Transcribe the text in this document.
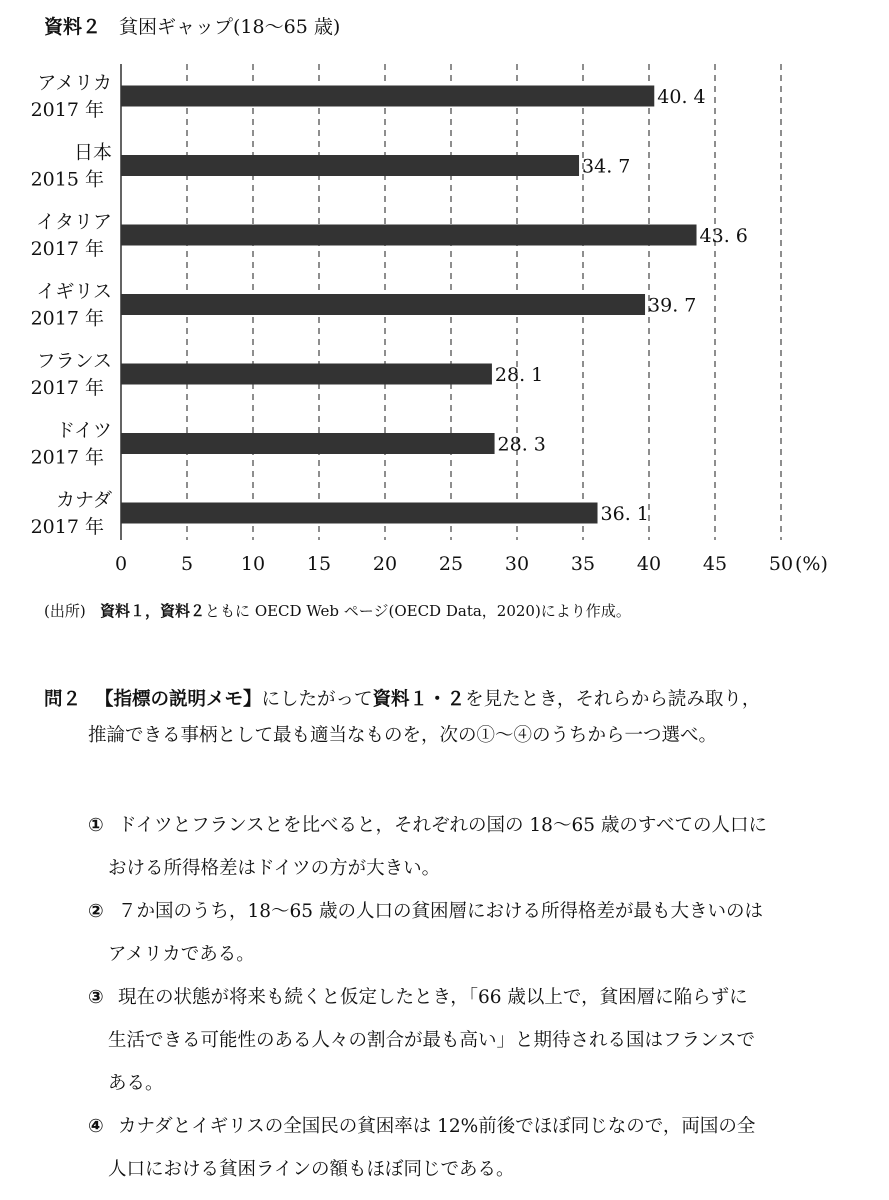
資料２ 貧困ギャップ(18〜65 歳)
40. 4
アメリカ
2017 年
34. 7
日本
2015 年
43. 6
イタリア
2017 年
39. 7
イギリス
2017 年
28. 1
フランス
2017 年
28. 3
ドイツ
2017 年
36. 1
カナダ
2017 年
0	5	10 15 20 25 30 35 40 45 50 (%)
(出所) 資料１，資料２ともに OECD Web ページ(OECD Data，2020)により作成。
問２ 【指標の説明メモ】にしたがって資料１・２を見たとき，それらから読み取り，
推論できる事柄として最も適当なものを，次の①〜④のうちから一つ選べ。
① ドイツとフランスとを比べると，それぞれの国の 18〜65 歳のすべての人口に
おける所得格差はドイツの方が大きい。
② ７か国のうち，18〜65 歳の人口の貧困層における所得格差が最も大きいのは
アメリカである。
③ 現在の状態が将来も続くと仮定したとき，「66 歳以上で，貧困層に陥らずに
生活できる可能性のある人々の割合が最も高い」と期待される国はフランスで
ある。
④ カナダとイギリスの全国民の貧困率は 12%前後でほぼ同じなので，両国の全
人口における貧困ラインの額もほぼ同じである。
